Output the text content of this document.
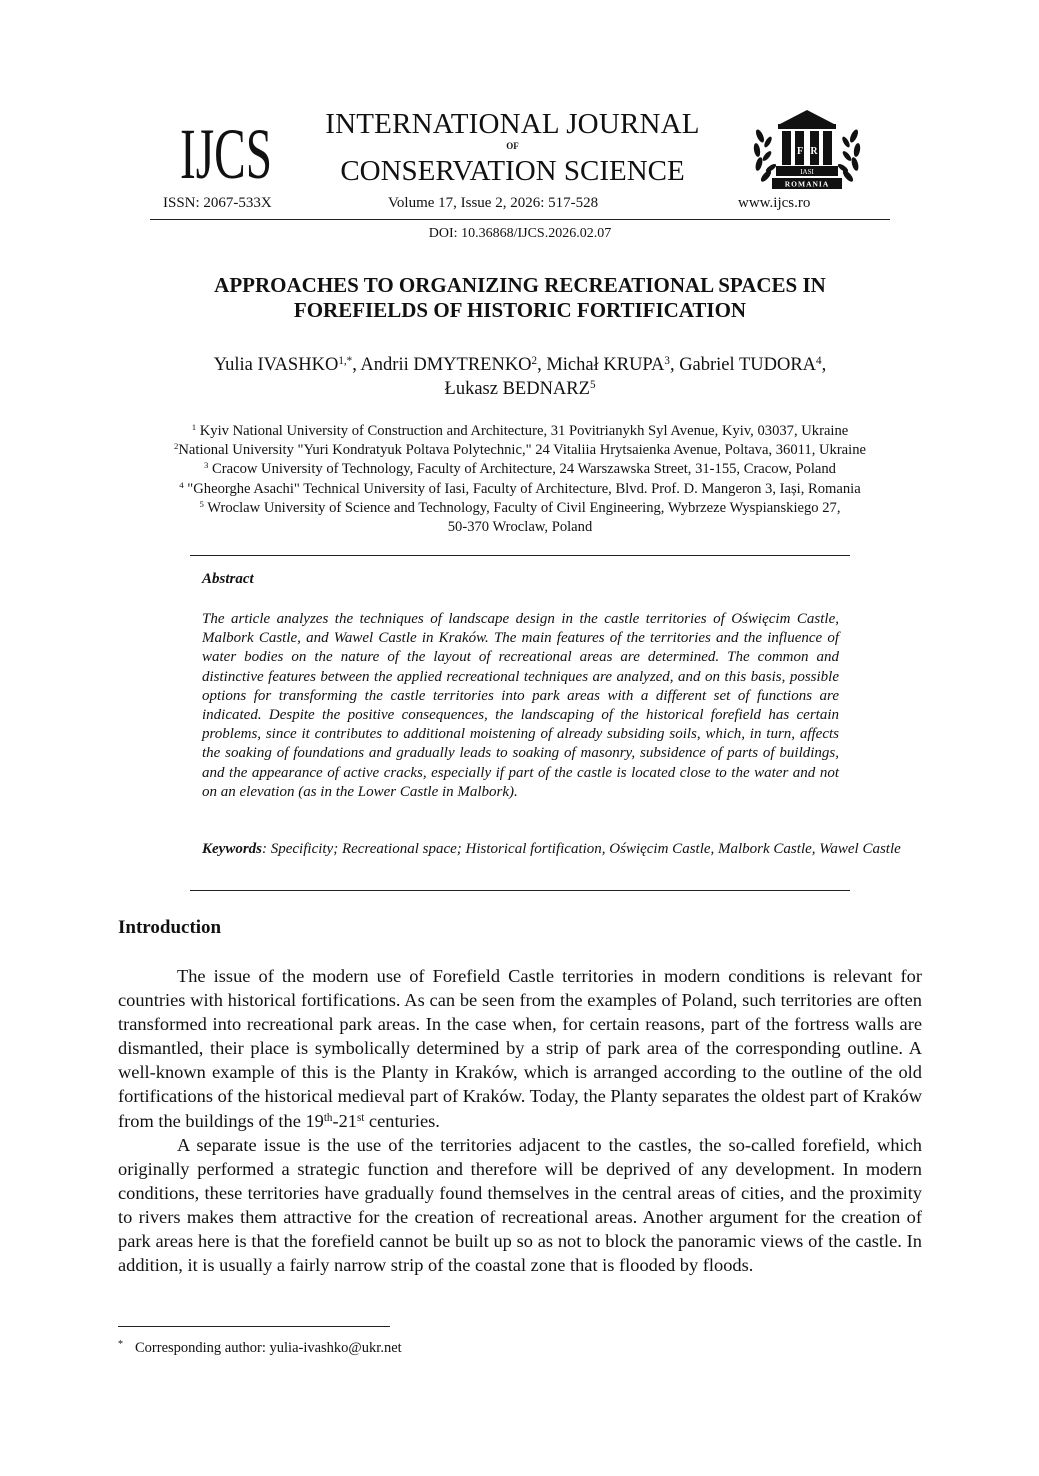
IJCS	INTERNATIONAL JOURNAL
OF
CONSERVATION SCIENCE
F I R
IASI
ROMANIA
ISSN: 2067-533X	Volume 17, Issue 2, 2026: 517-528	www.ijcs.ro
DOI: 10.36868/IJCS.2026.02.07
APPROACHES TO ORGANIZING RECREATIONAL SPACES IN
FOREFIELDS OF HISTORIC FORTIFICATION
Yulia $IVASHKO^{1,*}$, Andrii DMYTRENKO$^2$, Michał KRUPA$^3$, Gabriel TUDORA$^4$,
Łukasz BEDNARZ$^5$
$^1$ Kyiv National University of Construction and Architecture, 31 Povitrianykh Syl Avenue, Kyiv, 03037, Ukraine
$^2$National University "Yuri Kondratyuk Poltava Polytechnic," 24 Vitaliia Hrytsaienka Avenue, Poltava, 36011, Ukraine
$^3$ Cracow University of Technology, Faculty of Architecture, 24 Warszawska Street, 31-155, Cracow, Poland
$^4$ "Gheorghe Asachi" Technical University of Iasi, Faculty of Architecture, Blvd. Prof. D. Mangeron 3, Iași, Romania
$^5$ Wroclaw University of Science and Technology, Faculty of Civil Engineering, Wybrzeze Wyspianskiego 27,
50-370 Wroclaw, Poland
Abstract
The article analyzes the techniques of landscape design in the castle territories of Oświęcim Castle, Malbork Castle, and Wawel Castle in Kraków. The main features of the territories and the influence of water bodies on the nature of the layout of recreational areas are determined. The common and distinctive features between the applied recreational techniques are analyzed, and on this basis, possible options for transforming the castle territories into park areas with a different set of functions are indicated. Despite the positive consequences, the landscaping of the historical forefield has certain problems, since it contributes to additional moistening of already subsiding soils, which, in turn, affects the soaking of foundations and gradually leads to soaking of masonry, subsidence of parts of buildings, and the appearance of active cracks, especially if part of the castle is located close to the water and not on an elevation (as in the Lower Castle in Malbork).
Keywords: Specificity; Recreational space; Historical fortification, Oświęcim Castle, Malbork Castle, Wawel Castle
Introduction

The issue of the modern use of Forefield Castle territories in modern conditions is relevant for countries with historical fortifications. As can be seen from the examples of Poland, such territories are often transformed into recreational park areas. In the case when, for certain reasons, part of the fortress walls are dismantled, their place is symbolically determined by a strip of park area of the corresponding outline. A well-known example of this is the Planty in Kraków, which is arranged according to the outline of the old fortifications of the historical medieval part of Kraków. Today, the Planty separates the oldest part of Kraków from the buildings of the 19th-21st centuries.

A separate issue is the use of the territories adjacent to the castles, the so-called forefield, which originally performed a strategic function and therefore will be deprived of any development. In modern conditions, these territories have gradually found themselves in the central areas of cities, and the proximity to rivers makes them attractive for the creation of recreational areas. Another argument for the creation of park areas here is that the forefield cannot be built up so as not to block the panoramic views of the castle. In addition, it is usually a fairly narrow strip of the coastal zone that is flooded by floods.

* Corresponding author: yulia-ivashko@ukr.net
